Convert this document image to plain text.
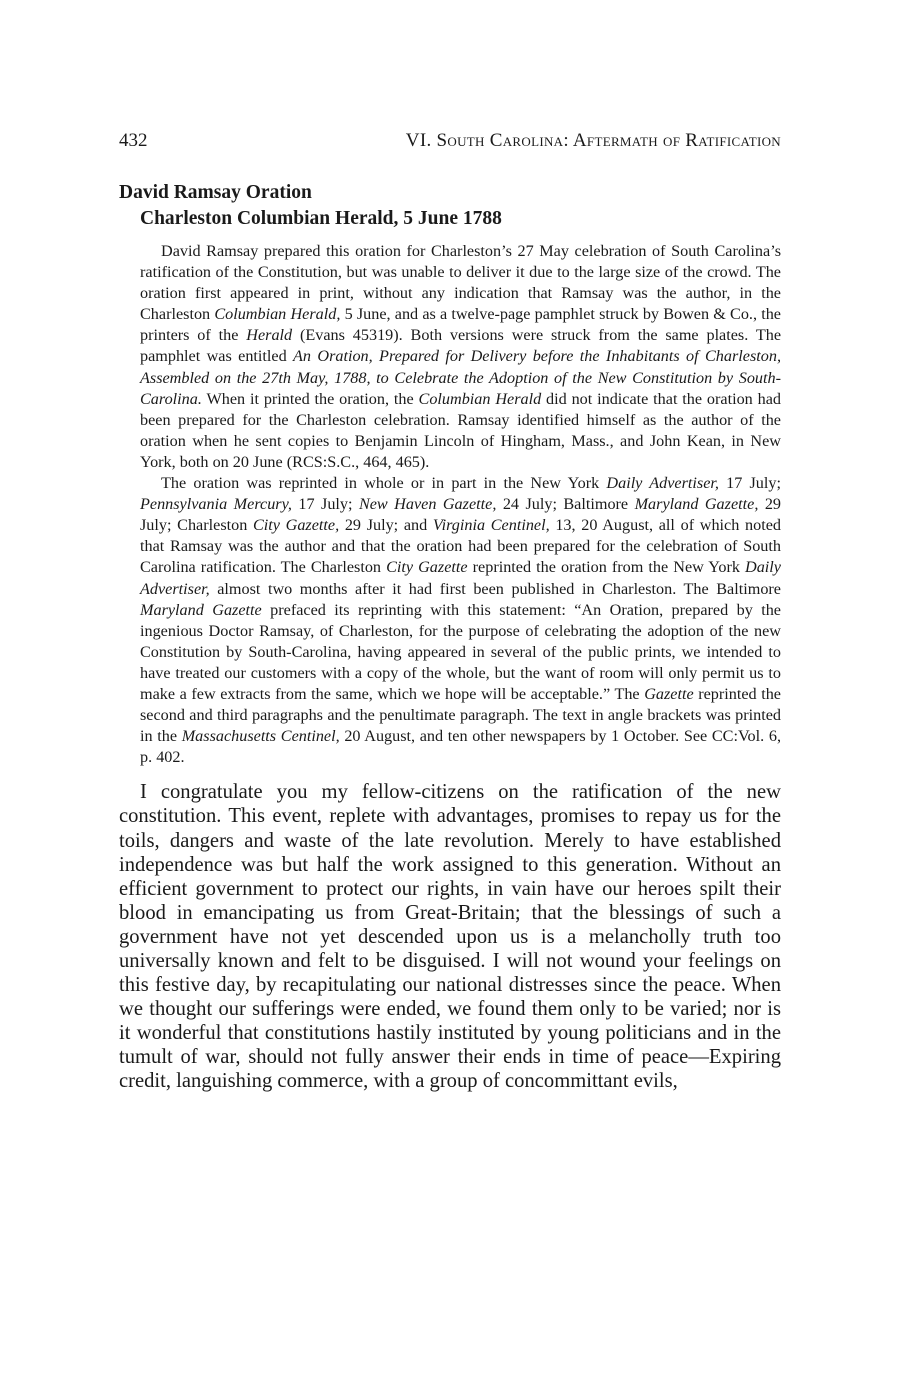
432	VI. South Carolina: Aftermath of Ratification
David Ramsay Oration
Charleston Columbian Herald, 5 June 1788

David Ramsay prepared this oration for Charleston’s 27 May celebration of South Carolina’s ratification of the Constitution, but was unable to deliver it due to the large size of the crowd. The oration first appeared in print, without any indication that Ramsay was the author, in the Charleston Columbian Herald, 5 June, and as a twelve-page pamphlet struck by Bowen & Co., the printers of the Herald (Evans 45319). Both versions were struck from the same plates. The pamphlet was entitled An Oration, Prepared for Delivery before the Inhabitants of Charleston, Assembled on the 27th May, 1788, to Celebrate the Adoption of the New Constitution by South-Carolina. When it printed the oration, the Columbian Herald did not indicate that the oration had been prepared for the Charleston celebration. Ramsay identified himself as the author of the oration when he sent copies to Benjamin Lincoln of Hingham, Mass., and John Kean, in New York, both on 20 June (RCS:S.C., 464, 465).

The oration was reprinted in whole or in part in the New York Daily Advertiser, 17 July; Pennsylvania Mercury, 17 July; New Haven Gazette, 24 July; Baltimore Maryland Gazette, 29 July; Charleston City Gazette, 29 July; and Virginia Centinel, 13, 20 August, all of which noted that Ramsay was the author and that the oration had been prepared for the celebration of South Carolina ratification. The Charleston City Gazette reprinted the oration from the New York Daily Advertiser, almost two months after it had first been published in Charleston. The Baltimore Maryland Gazette prefaced its reprinting with this statement: “An Oration, prepared by the ingenious Doctor Ramsay, of Charleston, for the purpose of celebrating the adoption of the new Constitution by South-Carolina, having appeared in several of the public prints, we intended to have treated our customers with a copy of the whole, but the want of room will only permit us to make a few extracts from the same, which we hope will be acceptable.” The Gazette reprinted the second and third paragraphs and the penultimate paragraph. The text in angle brackets was printed in the Massachusetts Centinel, 20 August, and ten other newspapers by 1 October. See CC:Vol. 6, p. 402.

I congratulate you my fellow-citizens on the ratification of the new constitution. This event, replete with advantages, promises to repay us for the toils, dangers and waste of the late revolution. Merely to have established independence was but half the work assigned to this generation. Without an efficient government to protect our rights, in vain have our heroes spilt their blood in emancipating us from Great-Britain; that the blessings of such a government have not yet descended upon us is a melancholly truth too universally known and felt to be disguised. I will not wound your feelings on this festive day, by recapitulating our national distresses since the peace. When we thought our sufferings were ended, we found them only to be varied; nor is it wonderful that constitutions hastily instituted by young politicians and in the tumult of war, should not fully answer their ends in time of peace—Expiring credit, languishing commerce, with a group of concommittant evils,
